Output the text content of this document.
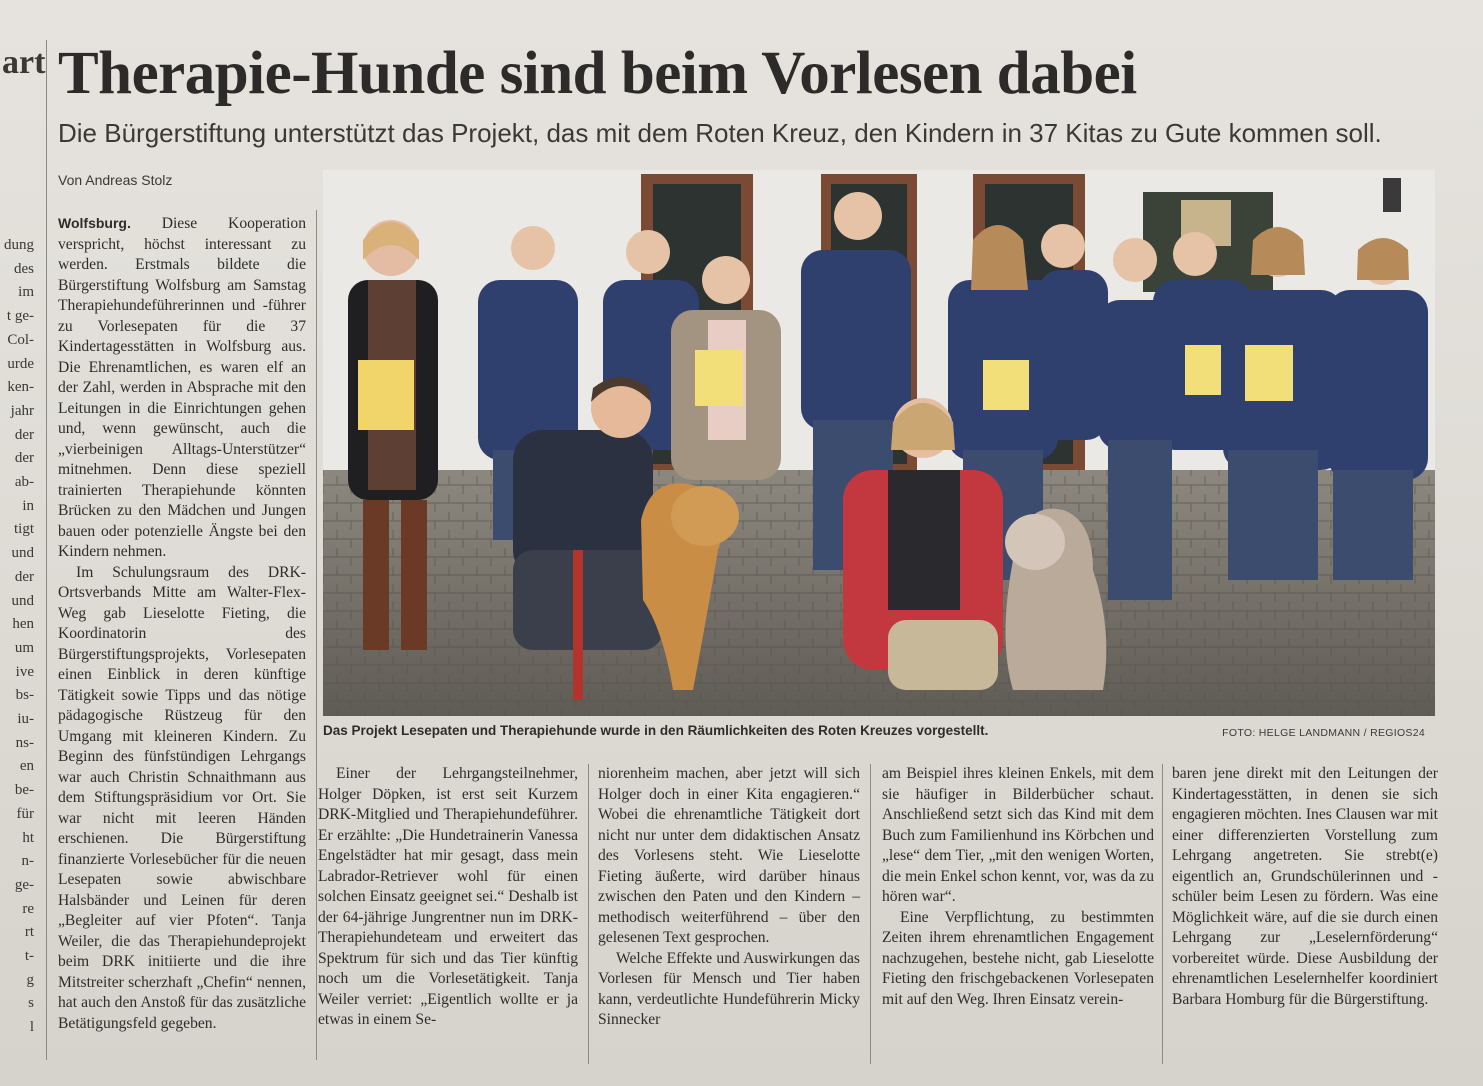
art
dung
des
im
t ge-
Col-
urde
ken-
jahr
der
der
ab-
in
tigt
und
der
und
hen
um
ive
bs-
iu-
ns-
en
be-
für
ht
n-
ge-
re
rt
t-
g
s
l
Therapie-Hunde sind beim Vorlesen dabei
Die Bürgerstiftung unterstützt das Projekt, das mit dem Roten Kreuz, den Kindern in 37 Kitas zu Gute kommen soll.
Von Andreas Stolz

Wolfsburg. Diese Kooperation verspricht, höchst interessant zu werden. Erstmals bildete die Bürgerstiftung Wolfsburg am Samstag Therapiehundeführerinnen und -führer zu Vorlesepaten für die 37 Kindertagesstätten in Wolfsburg aus. Die Ehrenamtlichen, es waren elf an der Zahl, werden in Absprache mit den Leitungen in die Einrichtungen gehen und, wenn gewünscht, auch die „vierbeinigen Alltags-Unterstützer“ mitnehmen. Denn diese speziell trainierten Therapiehunde könnten Brücken zu den Mädchen und Jungen bauen oder potenzielle Ängste bei den Kindern nehmen.

Im Schulungsraum des DRK-Ortsverbands Mitte am Walter-Flex-Weg gab Lieselotte Fieting, die Koordinatorin des Bürgerstiftungsprojekts, Vorlesepaten einen Einblick in deren künftige Tätigkeit sowie Tipps und das nötige pädagogische Rüstzeug für den Umgang mit kleineren Kindern. Zu Beginn des fünfstündigen Lehrgangs war auch Christin Schnaithmann aus dem Stiftungspräsidium vor Ort. Sie war nicht mit leeren Händen erschienen. Die Bürgerstiftung finanzierte Vorlesebücher für die neuen Lesepaten sowie abwischbare Halsbänder und Leinen für deren „Begleiter auf vier Pfoten“. Tanja Weiler, die das Therapiehundeprojekt beim DRK initiierte und die ihre Mitstreiter scherzhaft „Chefin“ nennen, hat auch den Anstoß für das zusätzliche Betätigungsfeld gegeben.

Das Projekt Lesepaten und Therapiehunde wurde in den Räumlichkeiten des Roten Kreuzes vorgestellt.	FOTO: HELGE LANDMANN / REGIOS24

Einer der Lehrgangsteilnehmer, Holger Döpken, ist erst seit Kurzem DRK-Mitglied und Therapiehundeführer. Er erzählte: „Die Hundetrainerin Vanessa Engelstädter hat mir gesagt, dass mein Labrador-Retriever wohl für einen solchen Einsatz geeignet sei.“ Deshalb ist der 64-jährige Jungrentner nun im DRK-Therapiehundeteam und erweitert das Spektrum für sich und das Tier künftig noch um die Vorlesetätigkeit. Tanja Weiler verriet: „Eigentlich wollte er ja etwas in einem Se-

niorenheim machen, aber jetzt will sich Holger doch in einer Kita engagieren.“ Wobei die ehrenamtliche Tätigkeit dort nicht nur unter dem didaktischen Ansatz des Vorlesens steht. Wie Lieselotte Fieting äußerte, wird darüber hinaus zwischen den Paten und den Kindern – methodisch weiterführend – über den gelesenen Text gesprochen.

Welche Effekte und Auswirkungen das Vorlesen für Mensch und Tier haben kann, verdeutlichte Hundeführerin Micky Sinnecker

am Beispiel ihres kleinen Enkels, mit dem sie häufiger in Bilderbücher schaut. Anschließend setzt sich das Kind mit dem Buch zum Familienhund ins Körbchen und „lese“ dem Tier, „mit den wenigen Worten, die mein Enkel schon kennt, vor, was da zu hören war“.

Eine Verpflichtung, zu bestimmten Zeiten ihrem ehrenamtlichen Engagement nachzugehen, bestehe nicht, gab Lieselotte Fieting den frischgebackenen Vorlesepaten mit auf den Weg. Ihren Einsatz verein-

baren jene direkt mit den Leitungen der Kindertagesstätten, in denen sie sich engagieren möchten. Ines Clausen war mit einer differenzierten Vorstellung zum Lehrgang angetreten. Sie strebt(e) eigentlich an, Grundschülerinnen und -schüler beim Lesen zu fördern. Was eine Möglichkeit wäre, auf die sie durch einen Lehrgang zur „Leselernförderung“ vorbereitet würde. Diese Ausbildung der ehrenamtlichen Leselernhelfer koordiniert Barbara Homburg für die Bürgerstiftung.
